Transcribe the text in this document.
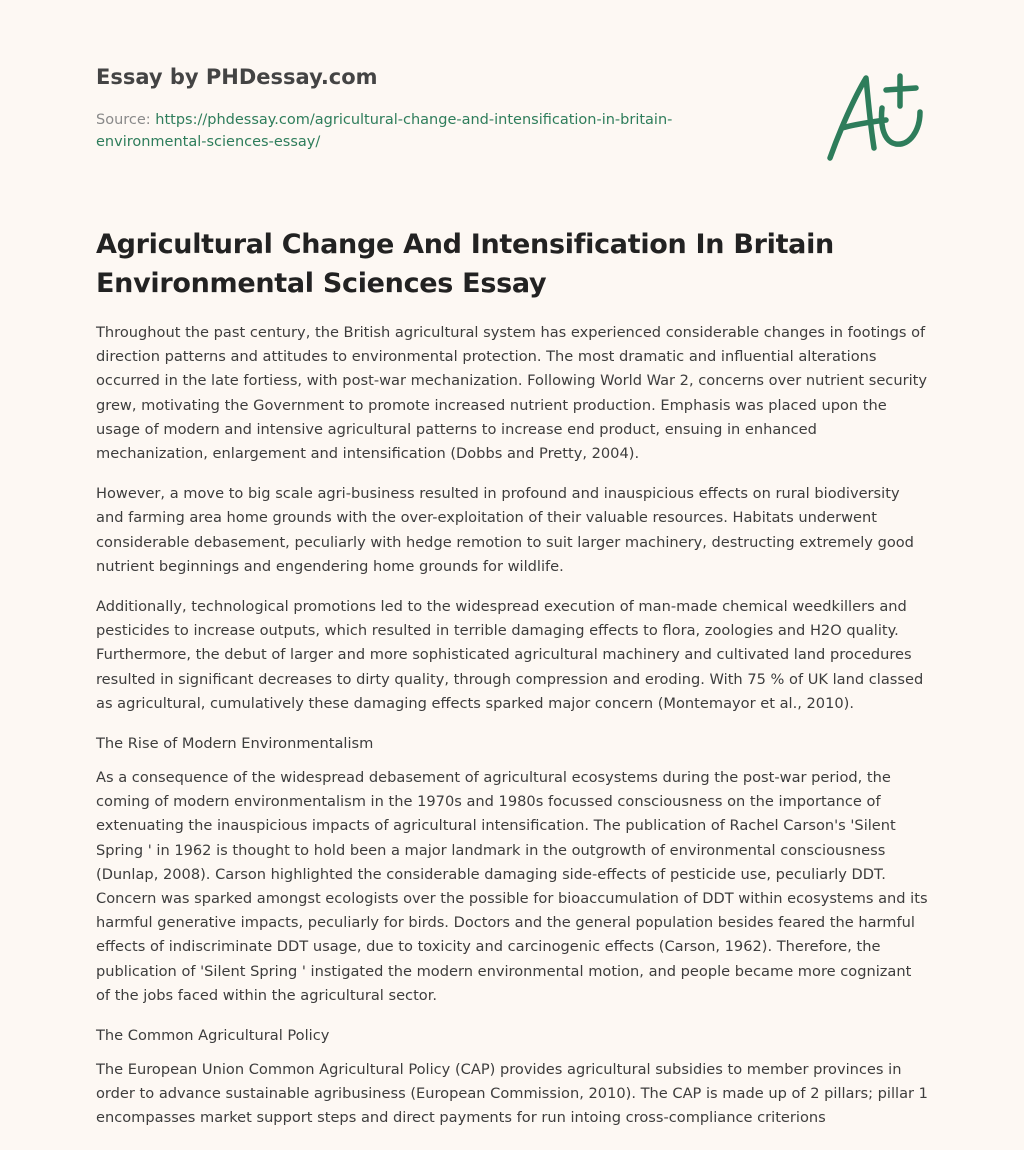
Essay by PHDessay.com
Source: https://phdessay.com/agricultural-change-and-intensification-in-britain-
environmental-sciences-essay/
Agricultural Change And Intensification In Britain Environmental Sciences Essay

Throughout the past century, the British agricultural system has experienced considerable changes in footings of direction patterns and attitudes to environmental protection. The most dramatic and influential alterations occurred in the late fortiess, with post-war mechanization. Following World War 2, concerns over nutrient security grew, motivating the Government to promote increased nutrient production. Emphasis was placed upon the usage of modern and intensive agricultural patterns to increase end product, ensuing in enhanced mechanization, enlargement and intensification (Dobbs and Pretty, 2004).

However, a move to big scale agri-business resulted in profound and inauspicious effects on rural biodiversity and farming area home grounds with the over-exploitation of their valuable resources. Habitats underwent considerable debasement, peculiarly with hedge remotion to suit larger machinery, destructing extremely good nutrient beginnings and engendering home grounds for wildlife.

Additionally, technological promotions led to the widespread execution of man-made chemical weedkillers and pesticides to increase outputs, which resulted in terrible damaging effects to flora, zoologies and H2O quality. Furthermore, the debut of larger and more sophisticated agricultural machinery and cultivated land procedures resulted in significant decreases to dirty quality, through compression and eroding. With 75 % of UK land classed as agricultural, cumulatively these damaging effects sparked major concern (Montemayor et al., 2010).

The Rise of Modern Environmentalism

As a consequence of the widespread debasement of agricultural ecosystems during the post-war period, the coming of modern environmentalism in the 1970s and 1980s focussed consciousness on the importance of extenuating the inauspicious impacts of agricultural intensification. The publication of Rachel Carson's 'Silent Spring ' in 1962 is thought to hold been a major landmark in the outgrowth of environmental consciousness (Dunlap, 2008). Carson highlighted the considerable damaging side-effects of pesticide use, peculiarly DDT. Concern was sparked amongst ecologists over the possible for bioaccumulation of DDT within ecosystems and its harmful generative impacts, peculiarly for birds. Doctors and the general population besides feared the harmful effects of indiscriminate DDT usage, due to toxicity and carcinogenic effects (Carson, 1962). Therefore, the publication of 'Silent Spring ' instigated the modern environmental motion, and people became more cognizant of the jobs faced within the agricultural sector.

The Common Agricultural Policy

The European Union Common Agricultural Policy (CAP) provides agricultural subsidies to member provinces in order to advance sustainable agribusiness (European Commission, 2010). The CAP is made up of 2 pillars; pillar 1 encompasses market support steps and direct payments for run intoing cross-compliance criterions
